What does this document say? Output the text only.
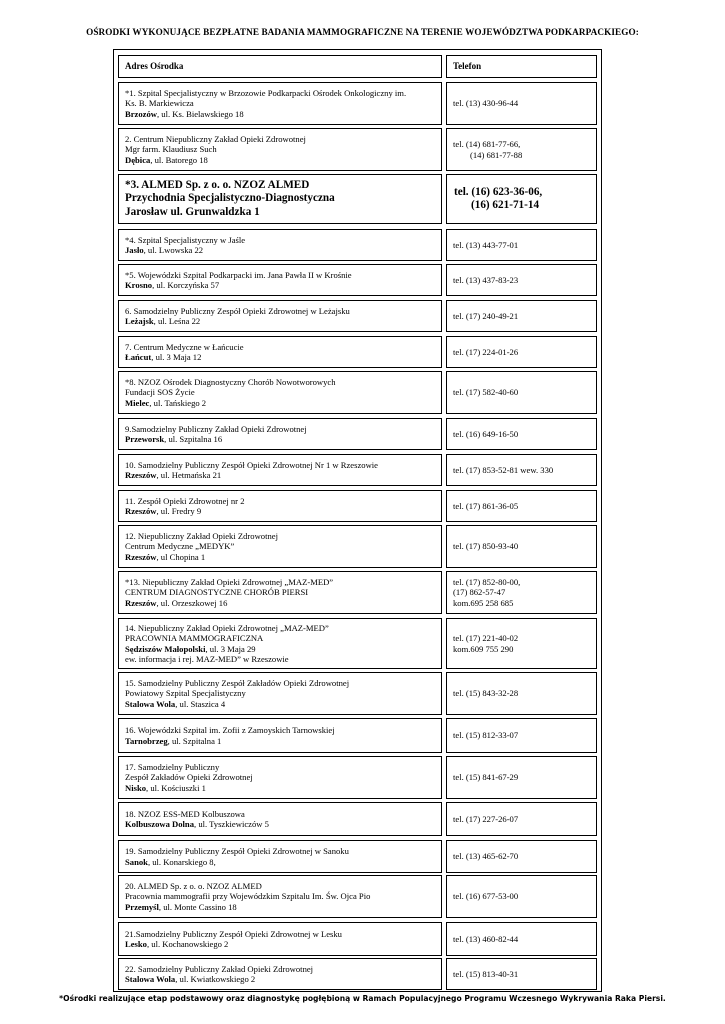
OŚRODKI WYKONUJĄCE BEZPŁATNE BADANIA MAMMOGRAFICZNE NA TERENIE WOJEWÓDZTWA PODKARPACKIEGO:
Adres Ośrodka	Telefon
*1. Szpital Specjalistyczny w Brzozowie Podkarpacki Ośrodek Onkologiczny im.
Ks. B. Markiewicza
Brzozów, ul. Ks. Bielawskiego 18
tel. (13) 430-96-44
2. Centrum Niepubliczny Zakład Opieki Zdrowotnej
Mgr farm. Klaudiusz Such
Dębica, ul. Batorego 18
tel. (14) 681-77-66,
(14) 681-77-88
*3. ALMED Sp. z o. o. NZOZ ALMED
Przychodnia Specjalistyczno-Diagnostyczna
Jarosław ul. Grunwaldzka 1
tel. (16) 623-36-06,
(16) 621-71-14
*4. Szpital Specjalistyczny w Jaśle
Jasło, ul. Lwowska 22
tel. (13) 443-77-01
*5. Wojewódzki Szpital Podkarpacki im. Jana Pawła II w Krośnie
Krosno, ul. Korczyńska 57
tel. (13) 437-83-23
6. Samodzielny Publiczny Zespół Opieki Zdrowotnej w Leżajsku
Leżajsk, ul. Leśna 22
tel. (17) 240-49-21
7. Centrum Medyczne w Łańcucie
Łańcut, ul. 3 Maja 12
tel. (17) 224-01-26
*8. NZOZ Ośrodek Diagnostyczny Chorób Nowotworowych
Fundacji SOS Życie
Mielec, ul. Tańskiego 2
tel. (17) 582-40-60
9.Samodzielny Publiczny Zakład Opieki Zdrowotnej
Przeworsk, ul. Szpitalna 16
tel. (16) 649-16-50
10. Samodzielny Publiczny Zespół Opieki Zdrowotnej Nr 1 w Rzeszowie
Rzeszów, ul. Hetmańska 21
tel. (17) 853-52-81 wew. 330
11. Zespół Opieki Zdrowotnej nr 2
Rzeszów, ul. Fredry 9
tel. (17) 861-36-05
12. Niepubliczny Zakład Opieki Zdrowotnej
Centrum Medyczne „MEDYK”
Rzeszów, ul Chopina 1
tel. (17) 850-93-40
*13. Niepubliczny Zakład Opieki Zdrowotnej „MAZ-MED”
CENTRUM DIAGNOSTYCZNE CHORÓB PIERSI
Rzeszów, ul. Orzeszkowej 16
tel. (17) 852-80-00,
(17) 862-57-47
kom.695 258 685
14. Niepubliczny Zakład Opieki Zdrowotnej „MAZ-MED”
PRACOWNIA MAMMOGRAFICZNA
Sędziszów Małopolski, ul. 3 Maja 29
ew. informacja i rej. MAZ-MED” w Rzeszowie
tel. (17) 221-40-02
kom.609 755 290
15. Samodzielny Publiczny Zespół Zakładów Opieki Zdrowotnej
Powiatowy Szpital Specjalistyczny
Stalowa Wola, ul. Staszica 4
tel. (15) 843-32-28
16. Wojewódzki Szpital im. Zofii z Zamoyskich Tarnowskiej
Tarnobrzeg, ul. Szpitalna 1
tel. (15) 812-33-07
17. Samodzielny Publiczny
Zespół Zakładów Opieki Zdrowotnej
Nisko, ul. Kościuszki 1
tel. (15) 841-67-29
18. NZOZ ESS-MED Kolbuszowa
Kolbuszowa Dolna, ul. Tyszkiewiczów 5
tel. (17) 227-26-07
19. Samodzielny Publiczny Zespół Opieki Zdrowotnej w Sanoku
Sanok, ul. Konarskiego 8,
tel. (13) 465-62-70
20. ALMED Sp. z o. o. NZOZ ALMED
Pracownia mammografii przy Wojewódzkim Szpitalu Im. Św. Ojca Pio
Przemyśl, ul. Monte Cassino 18
tel. (16) 677-53-00
21.Samodzielny Publiczny Zespół Opieki Zdrowotnej w Lesku
Lesko, ul. Kochanowskiego 2
tel. (13) 460-82-44
22. Samodzielny Publiczny Zakład Opieki Zdrowotnej
Stalowa Wola, ul. Kwiatkowskiego 2
tel. (15) 813-40-31
*Ośrodki realizujące etap podstawowy oraz diagnostykę pogłębioną w Ramach Populacyjnego Programu Wczesnego Wykrywania Raka Piersi.
